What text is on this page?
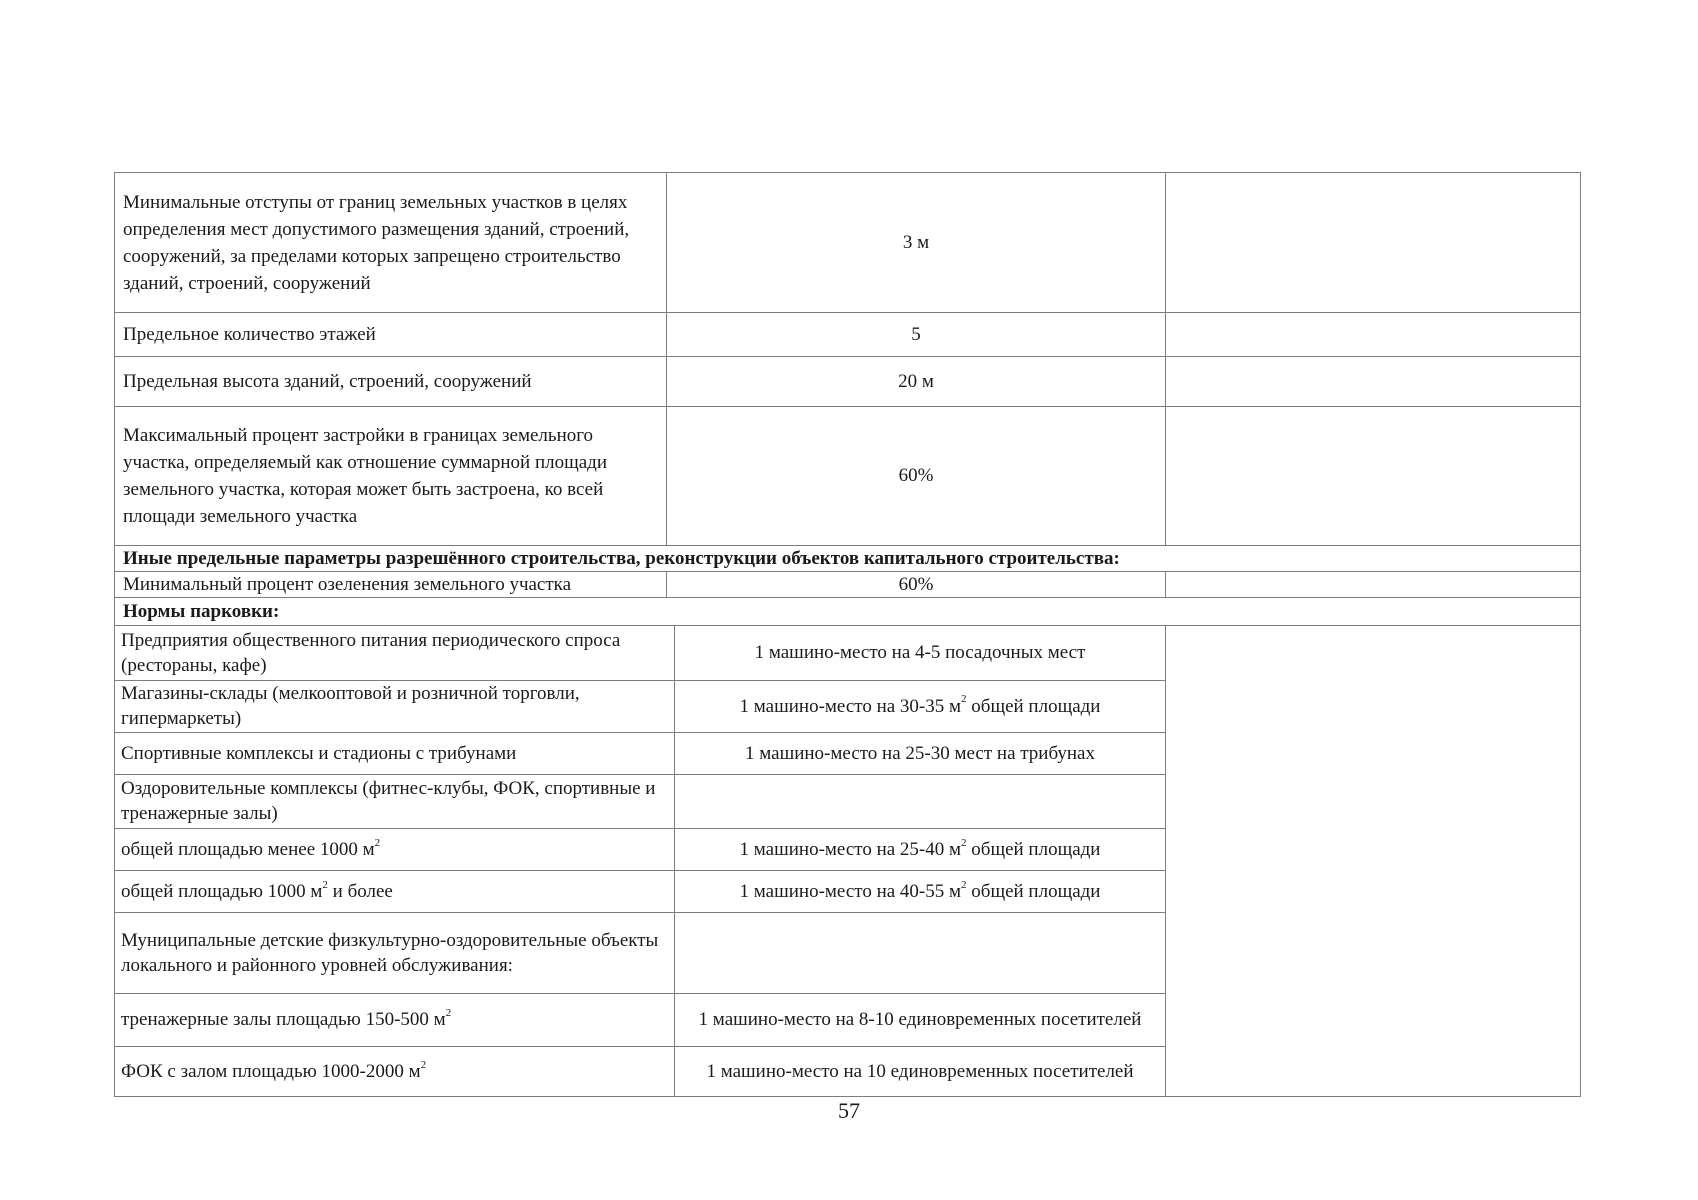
Минимальные отступы от границ земельных участков в целях определения мест допустимого размещения зданий, строений, сооружений, за пределами которых запрещено строительство зданий, строений, сооружений	3 м		
Предельное количество этажей	5		
Предельная высота зданий, строений, сооружений	20 м		
Максимальный процент застройки в границах земельного участка, определяемый как отношение суммарной площади земельного участка, которая может быть застроена, ко всей площади земельного участка	60%		
Иные предельные параметры разрешённого строительства, реконструкции объектов капитального строительства:			
Минимальный процент озеленения земельного участка	60%		
Нормы парковки:			
Предприятия общественного питания периодического спроса (рестораны, кафе)		1 машино-место на 4-5 посадочных мест	
Магазины-склады (мелкооптовой и розничной торговли, гипермаркеты)		1 машино-место на 30-35 $м^2$ общей площади	
Спортивные комплексы и стадионы с трибунами		1 машино-место на 25-30 мест на трибунах	
Оздоровительные комплексы (фитнес-клубы, ФОК, спортивные и тренажерные залы)			
общей площадью менее 1000 $м^2$		1 машино-место на 25-40 $м^2$ общей площади	
общей площадью 1000 $м^2$ и более		1 машино-место на 40-55 $м^2$ общей площади	
Муниципальные детские физкультурно-оздоровительные объекты локального и районного уровней обслуживания:			
тренажерные залы площадью 150-500 $м^2$		1 машино-место на 8-10 единовременных посетителей	
ФОК с залом площадью 1000-2000 $м^2$		1 машино-место на 10 единовременных посетителей	
57
